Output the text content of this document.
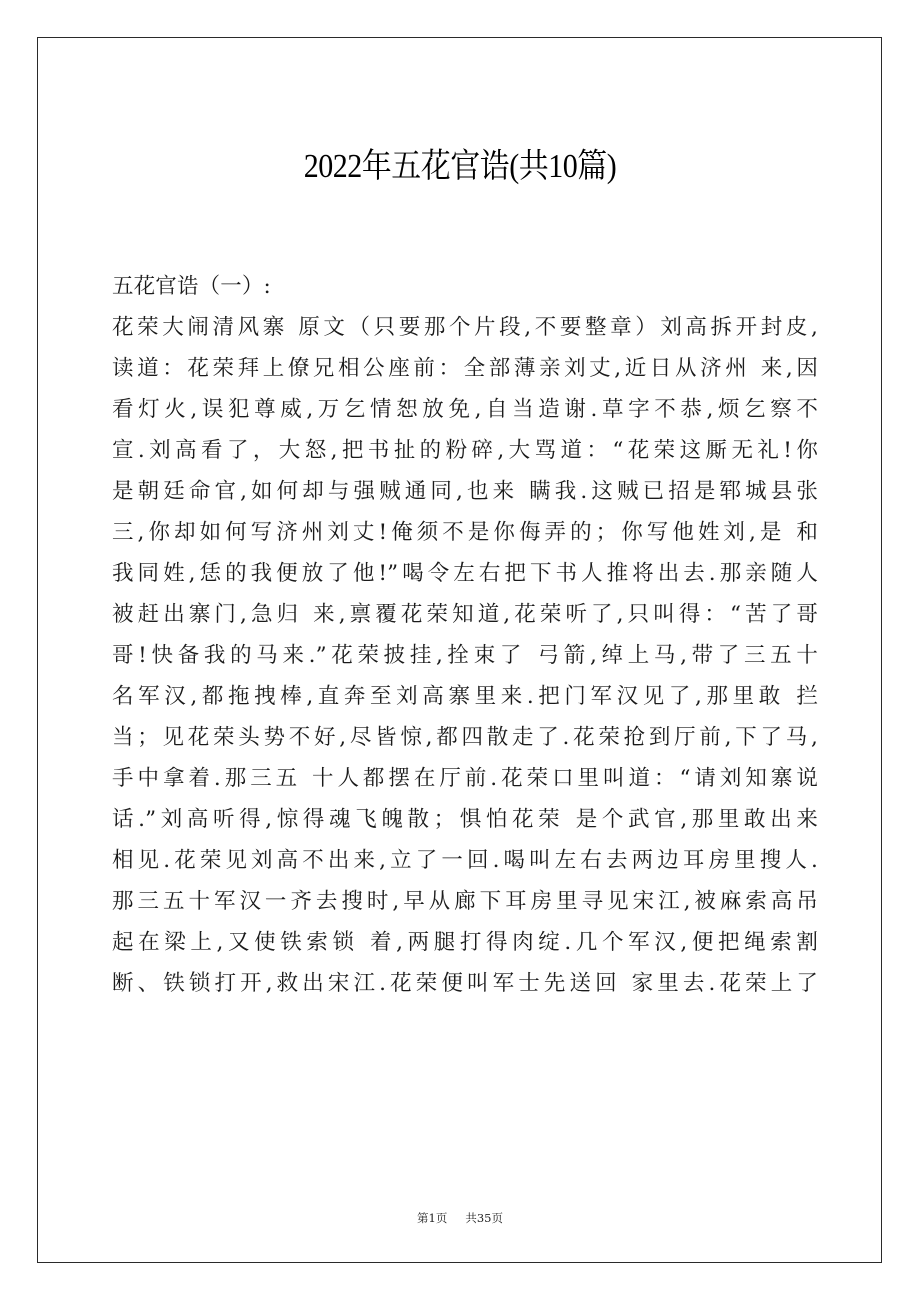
2022年五花官诰(共10篇)
五花官诰（一）:
花荣大闹清风寨 原文（只要那个片段,不要整章）刘高拆开封皮,
读道：花荣拜上僚兄相公座前：全部薄亲刘丈,近日从济州 来,因
看灯火,误犯尊威,万乞情恕放免,自当造谢.草字不恭,烦乞察不
宣.刘高看了，大怒,把书扯的粉碎,大骂道：“花荣这厮无礼!你
是朝廷命官,如何却与强贼通同,也来 瞒我.这贼已招是郓城县张
三,你却如何写济州刘丈!俺须不是你侮弄的；你写他姓刘,是 和
我同姓,恁的我便放了他!”喝令左右把下书人推将出去.那亲随人
被赶出寨门,急归 来,禀覆花荣知道,花荣听了,只叫得：“苦了哥
哥!快备我的马来.”花荣披挂,拴束了 弓箭,绰上马,带了三五十
名军汉,都拖拽棒,直奔至刘高寨里来.把门军汉见了,那里敢 拦
当；见花荣头势不好,尽皆惊,都四散走了.花荣抢到厅前,下了马,
手中拿着.那三五 十人都摆在厅前.花荣口里叫道：“请刘知寨说
话.”刘高听得,惊得魂飞魄散；惧怕花荣 是个武官,那里敢出来
相见.花荣见刘高不出来,立了一回.喝叫左右去两边耳房里搜人.
那三五十军汉一齐去搜时,早从廊下耳房里寻见宋江,被麻索高吊
起在梁上,又使铁索锁 着,两腿打得肉绽.几个军汉,便把绳索割
断、铁锁打开,救出宋江.花荣便叫军士先送回 家里去.花荣上了
第1页 共35页
